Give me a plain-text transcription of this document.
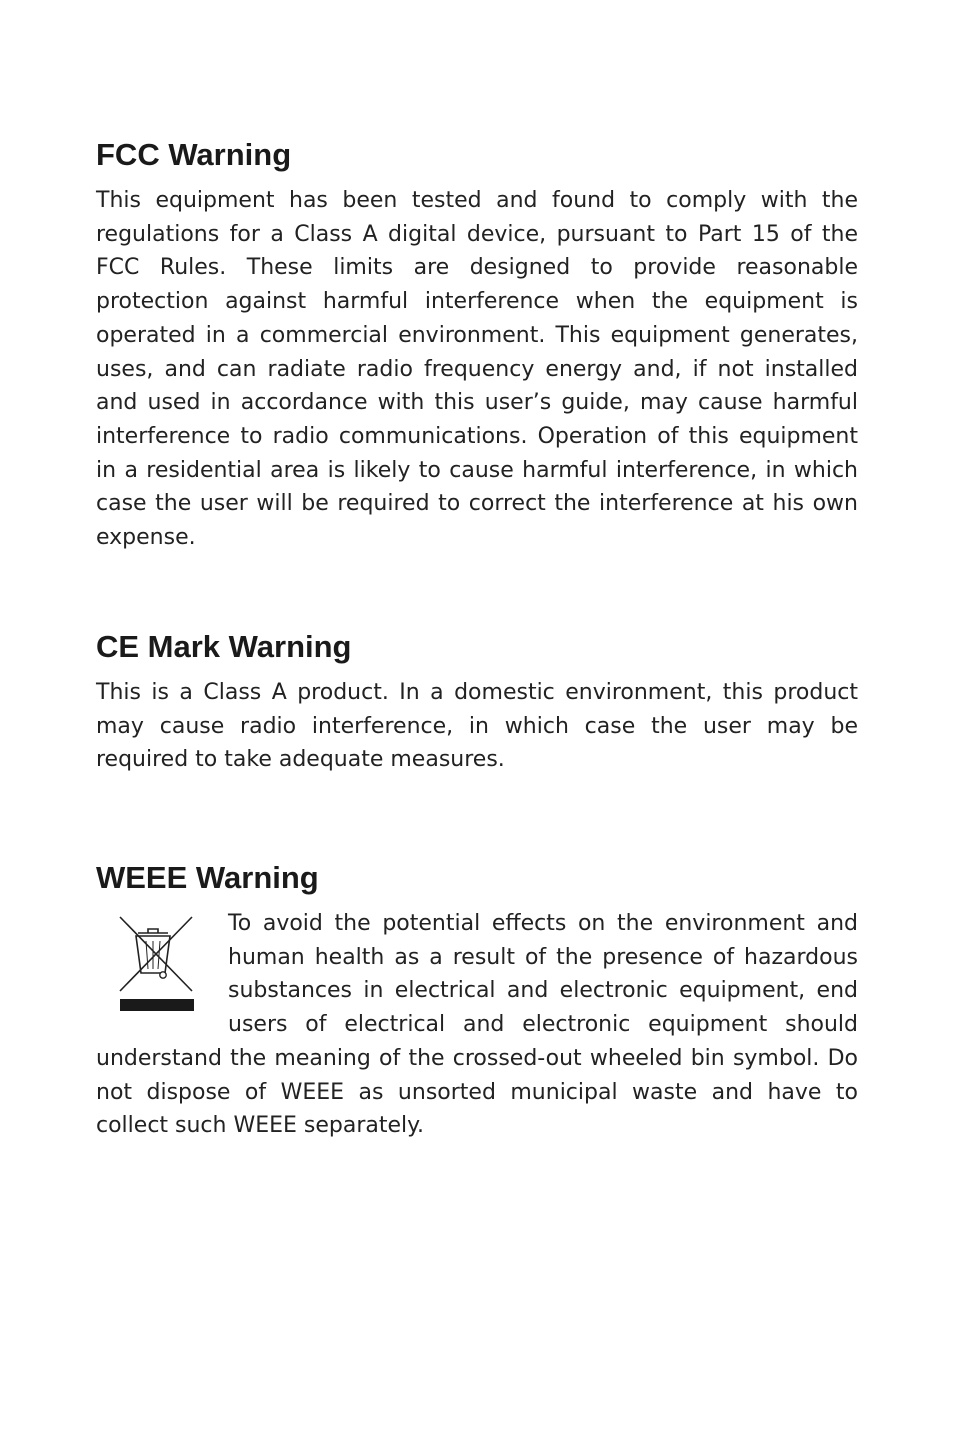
FCC Warning

This equipment has been tested and found to comply with the regulations for a Class A digital device, pursuant to Part 15 of the FCC Rules. These limits are designed to provide reasonable protection against harmful interference when the equipment is operated in a commercial environment. This equipment generates, uses, and can radiate radio frequency energy and, if not installed and used in accordance with this user’s guide, may cause harmful interference to radio communications. Operation of this equipment in a residential area is likely to cause harmful interference, in which case the user will be required to correct the interference at his own expense.

CE Mark Warning

This is a Class A product. In a domestic environment, this product may cause radio interference, in which case the user may be required to take adequate measures.

WEEE Warning

To avoid the potential effects on the environment and human health as a result of the presence of hazardous substances in electrical and electronic equipment, end users of electrical and electronic equipment should understand the meaning of the crossed-out wheeled bin symbol. Do not dispose of WEEE as unsorted municipal waste and have to collect such WEEE separately.
